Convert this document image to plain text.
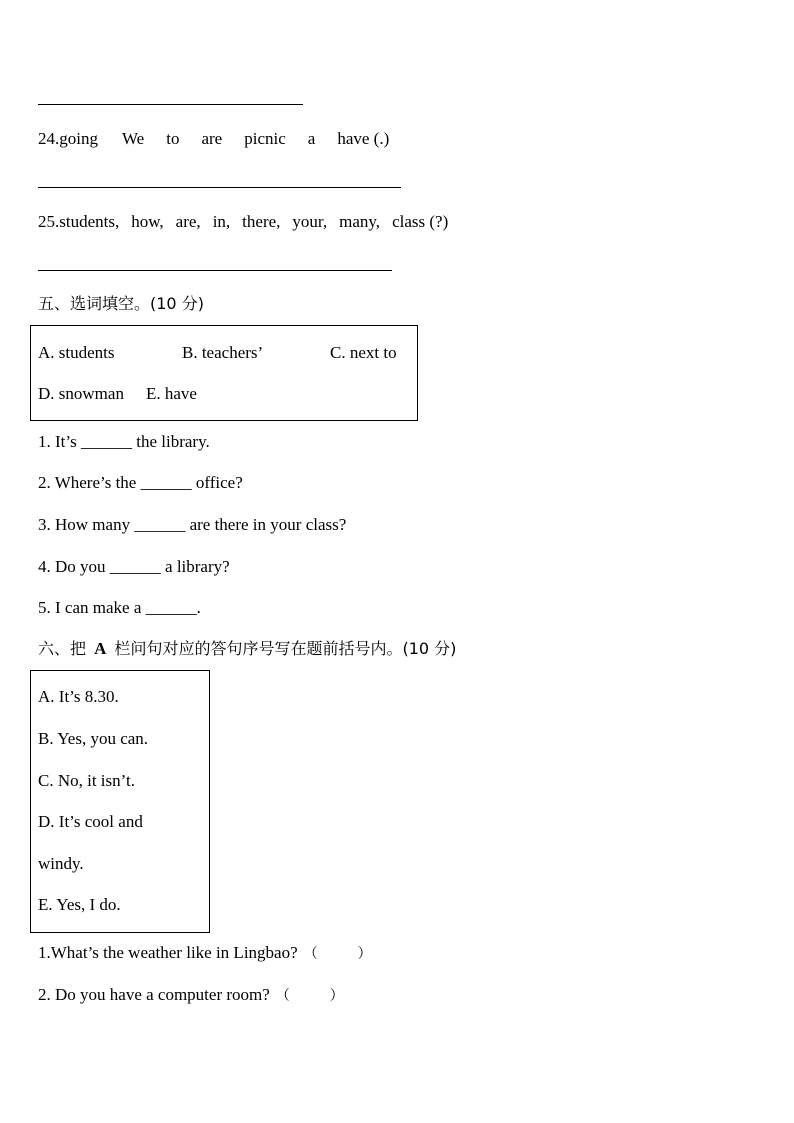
24.going We to are picnic a have (.)
25.students, how, are, in, there, your, many, class (?)
五、选词填空。(10 分)
A. students	B. teachers’	C. next to
D. snowman E. have
1. It’s ______ the library.
2. Where’s the ______ office?
3. How many ______ are there in your class?
4. Do you ______ a library?
5. I can make a ______.
六、把 A 栏问句对应的答句序号写在题前括号内。(10 分)
A. It’s 8.30.
B. Yes, you can.
C. No, it isn’t.
D. It’s cool and
windy.
E. Yes, I do.
1.What’s the weather like in Lingbao? （	）
2. Do you have a computer room? （	）
